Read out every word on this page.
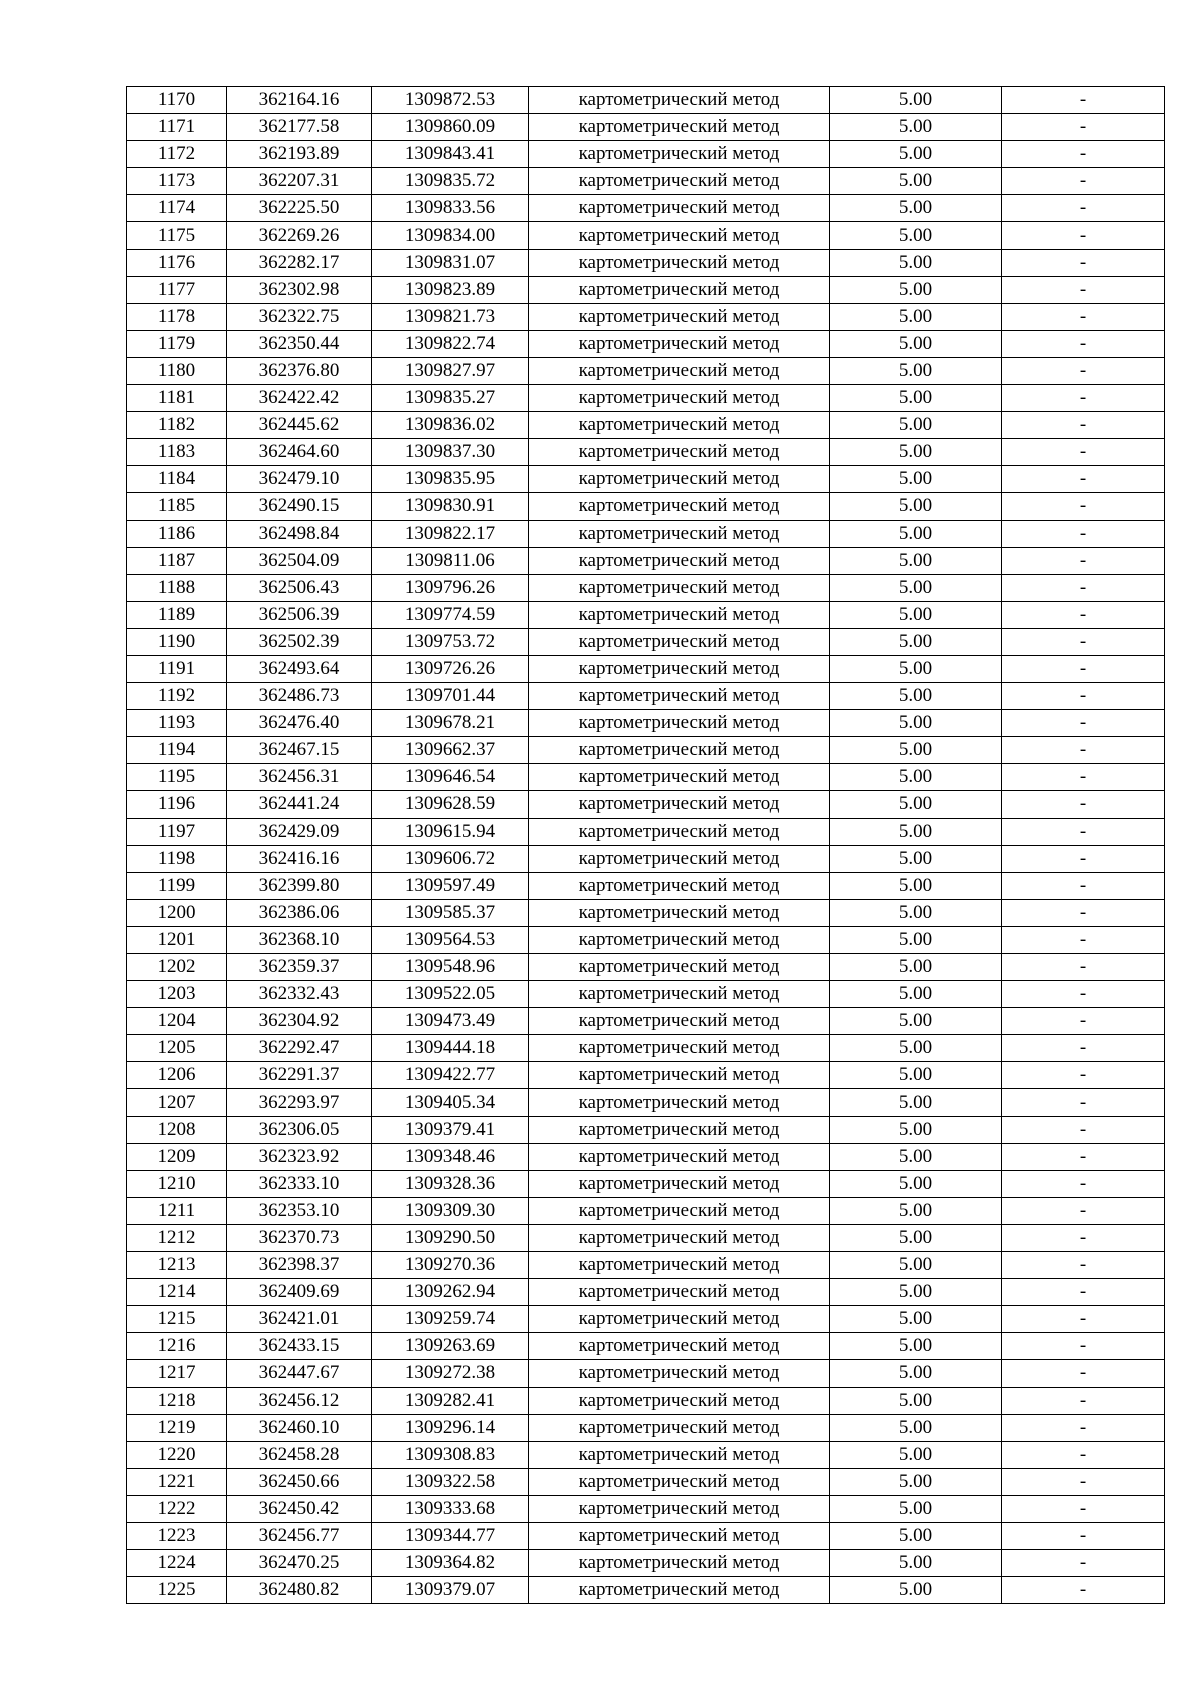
1170	362164.16	1309872.53	картометрический метод	5.00	-
1171	362177.58	1309860.09	картометрический метод	5.00	-
1172	362193.89	1309843.41	картометрический метод	5.00	-
1173	362207.31	1309835.72	картометрический метод	5.00	-
1174	362225.50	1309833.56	картометрический метод	5.00	-
1175	362269.26	1309834.00	картометрический метод	5.00	-
1176	362282.17	1309831.07	картометрический метод	5.00	-
1177	362302.98	1309823.89	картометрический метод	5.00	-
1178	362322.75	1309821.73	картометрический метод	5.00	-
1179	362350.44	1309822.74	картометрический метод	5.00	-
1180	362376.80	1309827.97	картометрический метод	5.00	-
1181	362422.42	1309835.27	картометрический метод	5.00	-
1182	362445.62	1309836.02	картометрический метод	5.00	-
1183	362464.60	1309837.30	картометрический метод	5.00	-
1184	362479.10	1309835.95	картометрический метод	5.00	-
1185	362490.15	1309830.91	картометрический метод	5.00	-
1186	362498.84	1309822.17	картометрический метод	5.00	-
1187	362504.09	1309811.06	картометрический метод	5.00	-
1188	362506.43	1309796.26	картометрический метод	5.00	-
1189	362506.39	1309774.59	картометрический метод	5.00	-
1190	362502.39	1309753.72	картометрический метод	5.00	-
1191	362493.64	1309726.26	картометрический метод	5.00	-
1192	362486.73	1309701.44	картометрический метод	5.00	-
1193	362476.40	1309678.21	картометрический метод	5.00	-
1194	362467.15	1309662.37	картометрический метод	5.00	-
1195	362456.31	1309646.54	картометрический метод	5.00	-
1196	362441.24	1309628.59	картометрический метод	5.00	-
1197	362429.09	1309615.94	картометрический метод	5.00	-
1198	362416.16	1309606.72	картометрический метод	5.00	-
1199	362399.80	1309597.49	картометрический метод	5.00	-
1200	362386.06	1309585.37	картометрический метод	5.00	-
1201	362368.10	1309564.53	картометрический метод	5.00	-
1202	362359.37	1309548.96	картометрический метод	5.00	-
1203	362332.43	1309522.05	картометрический метод	5.00	-
1204	362304.92	1309473.49	картометрический метод	5.00	-
1205	362292.47	1309444.18	картометрический метод	5.00	-
1206	362291.37	1309422.77	картометрический метод	5.00	-
1207	362293.97	1309405.34	картометрический метод	5.00	-
1208	362306.05	1309379.41	картометрический метод	5.00	-
1209	362323.92	1309348.46	картометрический метод	5.00	-
1210	362333.10	1309328.36	картометрический метод	5.00	-
1211	362353.10	1309309.30	картометрический метод	5.00	-
1212	362370.73	1309290.50	картометрический метод	5.00	-
1213	362398.37	1309270.36	картометрический метод	5.00	-
1214	362409.69	1309262.94	картометрический метод	5.00	-
1215	362421.01	1309259.74	картометрический метод	5.00	-
1216	362433.15	1309263.69	картометрический метод	5.00	-
1217	362447.67	1309272.38	картометрический метод	5.00	-
1218	362456.12	1309282.41	картометрический метод	5.00	-
1219	362460.10	1309296.14	картометрический метод	5.00	-
1220	362458.28	1309308.83	картометрический метод	5.00	-
1221	362450.66	1309322.58	картометрический метод	5.00	-
1222	362450.42	1309333.68	картометрический метод	5.00	-
1223	362456.77	1309344.77	картометрический метод	5.00	-
1224	362470.25	1309364.82	картометрический метод	5.00	-
1225	362480.82	1309379.07	картометрический метод	5.00	-
